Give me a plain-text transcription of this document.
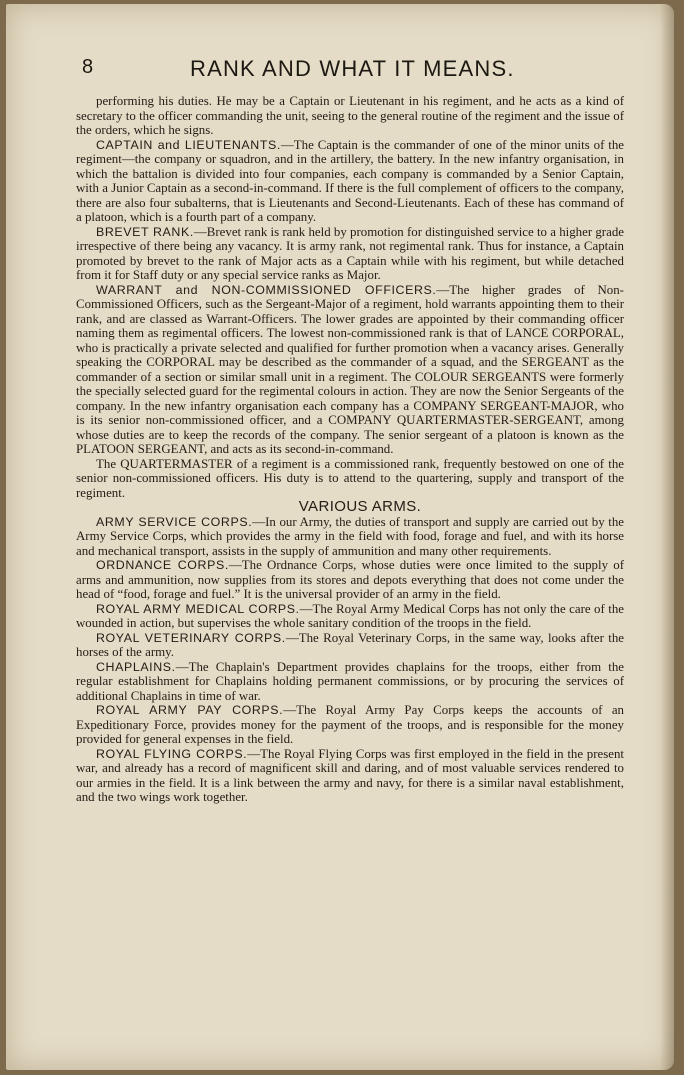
8	RANK AND WHAT IT MEANS.

performing his duties. He may be a Captain or Lieutenant in his regiment, and he acts as a kind of secretary to the officer commanding the unit, seeing to the general routine of the regiment and the issue of the orders, which he signs.

CAPTAIN and LIEUTENANTS.—The Captain is the commander of one of the minor units of the regiment—the company or squadron, and in the artillery, the battery. In the new infantry organisation, in which the battalion is divided into four companies, each company is commanded by a Senior Captain, with a Junior Captain as a second-in-command. If there is the full complement of officers to the company, there are also four subalterns, that is Lieutenants and Second-Lieutenants. Each of these has command of a platoon, which is a fourth part of a company.

BREVET RANK.—Brevet rank is rank held by promotion for distinguished service to a higher grade irrespective of there being any vacancy. It is army rank, not regimental rank. Thus for instance, a Captain promoted by brevet to the rank of Major acts as a Captain while with his regiment, but while detached from it for Staff duty or any special service ranks as Major.

WARRANT and NON-COMMISSIONED OFFICERS.—The higher grades of Non-Commissioned Officers, such as the Sergeant-Major of a regiment, hold warrants appointing them to their rank, and are classed as Warrant-Officers. The lower grades are appointed by their commanding officer naming them as regimental officers. The lowest non-commissioned rank is that of LANCE CORPORAL, who is practically a private selected and qualified for further promotion when a vacancy arises. Generally speaking the CORPORAL may be described as the commander of a squad, and the SERGEANT as the commander of a section or similar small unit in a regiment. The COLOUR SERGEANTS were formerly the specially selected guard for the regimental colours in action. They are now the Senior Sergeants of the company. In the new infantry organisation each company has a COMPANY SERGEANT-MAJOR, who is its senior non-commissioned officer, and a COMPANY QUARTERMASTER-SERGEANT, among whose duties are to keep the records of the company. The senior sergeant of a platoon is known as the PLATOON SERGEANT, and acts as its second-in-command.

The QUARTERMASTER of a regiment is a commissioned rank, frequently bestowed on one of the senior non-commissioned officers. His duty is to attend to the quartering, supply and transport of the regiment.

VARIOUS ARMS.

ARMY SERVICE CORPS.—In our Army, the duties of transport and supply are carried out by the Army Service Corps, which provides the army in the field with food, forage and fuel, and with its horse and mechanical transport, assists in the supply of ammunition and many other requirements.

ORDNANCE CORPS.—The Ordnance Corps, whose duties were once limited to the supply of arms and ammunition, now supplies from its stores and depots everything that does not come under the head of “food, forage and fuel.” It is the universal provider of an army in the field.

ROYAL ARMY MEDICAL CORPS.—The Royal Army Medical Corps has not only the care of the wounded in action, but supervises the whole sanitary condition of the troops in the field.

ROYAL VETERINARY CORPS.—The Royal Veterinary Corps, in the same way, looks after the horses of the army.

CHAPLAINS.—The Chaplain's Department provides chaplains for the troops, either from the regular establishment for Chaplains holding permanent commissions, or by procuring the services of additional Chaplains in time of war.

ROYAL ARMY PAY CORPS.—The Royal Army Pay Corps keeps the accounts of an Expeditionary Force, provides money for the payment of the troops, and is responsible for the money provided for general expenses in the field.

ROYAL FLYING CORPS.—The Royal Flying Corps was first employed in the field in the present war, and already has a record of magnificent skill and daring, and of most valuable services rendered to our armies in the field. It is a link between the army and navy, for there is a similar naval establishment, and the two wings work together.
